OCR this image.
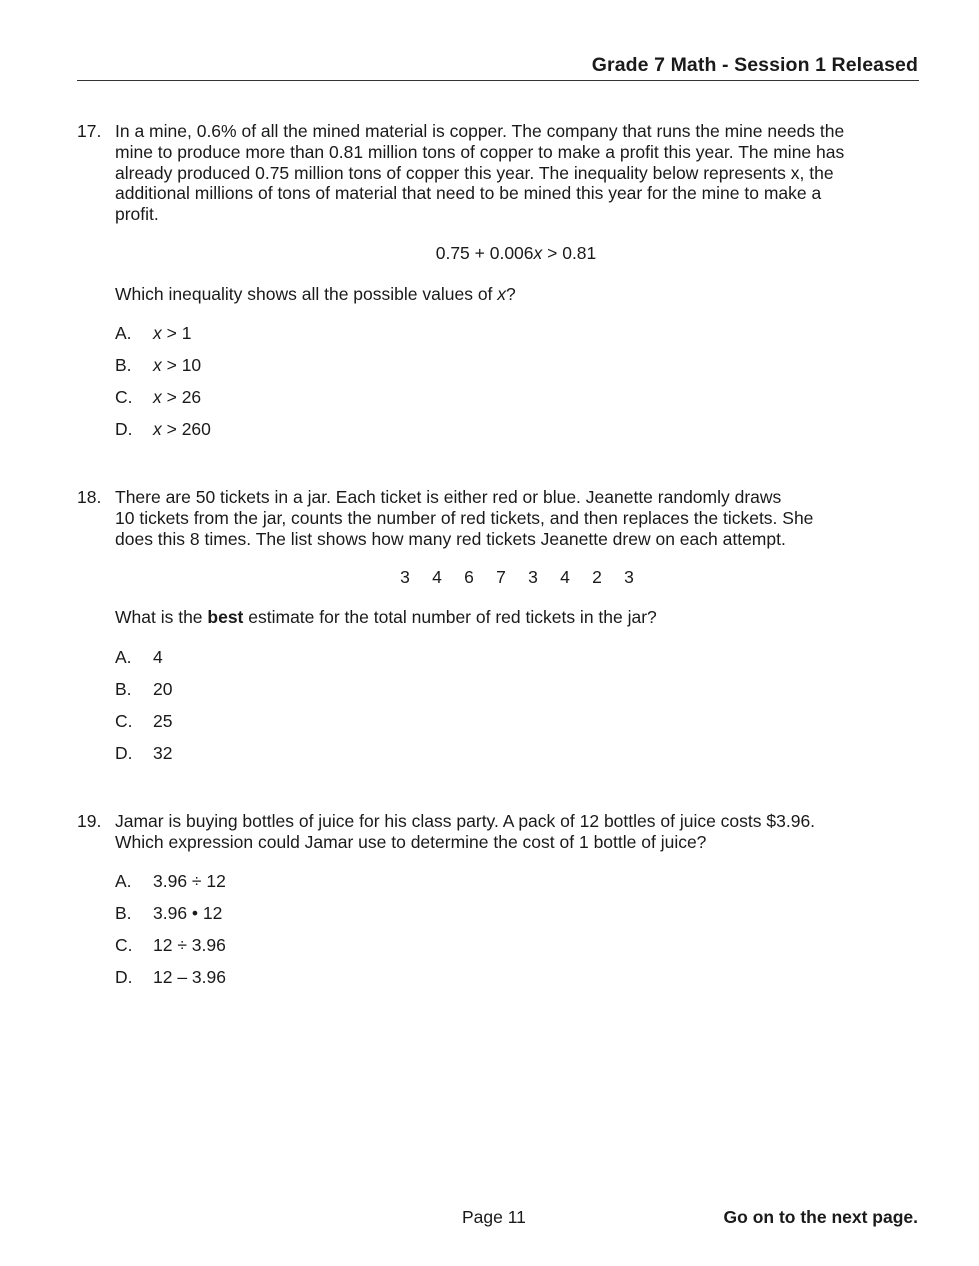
Grade 7 Math - Session 1 Released
17. In a mine, 0.6% of all the mined material is copper. The company that runs the mine needs the
mine to produce more than 0.81 million tons of copper to make a profit this year. The mine has
already produced 0.75 million tons of copper this year. The inequality below represents x, the
additional millions of tons of material that need to be mined this year for the mine to make a
profit.
0.75 + 0.006x > 0.81
Which inequality shows all the possible values of x?
A. x > 1
B. x > 10
C. x > 26
D. x > 260
18. There are 50 tickets in a jar. Each ticket is either red or blue. Jeanette randomly draws
10 tickets from the jar, counts the number of red tickets, and then replaces the tickets. She
does this 8 times. The list shows how many red tickets Jeanette drew on each attempt.
3 4 6 7 3 4 2 3
What is the best estimate for the total number of red tickets in the jar?
A. 4
B. 20
C. 25
D. 32
19. Jamar is buying bottles of juice for his class party. A pack of 12 bottles of juice costs $3.96.
Which expression could Jamar use to determine the cost of 1 bottle of juice?
A. 3.96 ÷ 12
B. 3.96 • 12
C. 12 ÷ 3.96
D. 12 – 3.96
Page 11	Go on to the next page.
